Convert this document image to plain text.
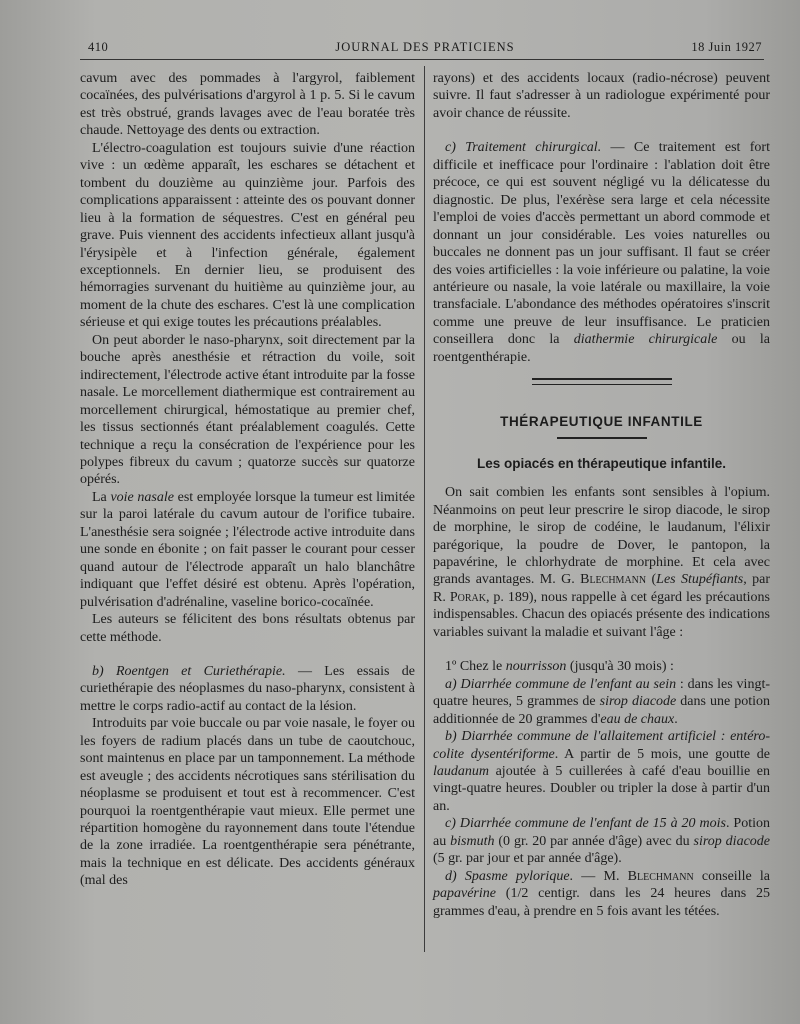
410	JOURNAL DES PRATICIENS	18 Juin 1927

cavum avec des pommades à l'argyrol, faiblement cocaïnées, des pulvérisations d'argyrol à 1 p. 5. Si le cavum est très obstrué, grands lavages avec de l'eau boratée très chaude. Nettoyage des dents ou extraction.

L'électro-coagulation est toujours suivie d'une réaction vive : un œdème apparaît, les eschares se détachent et tombent du douzième au quinzième jour. Parfois des complications apparaissent : atteinte des os pouvant donner lieu à la formation de séquestres. C'est en général peu grave. Puis viennent des accidents infectieux allant jusqu'à l'érysipèle et à l'infection générale, également exceptionnels. En dernier lieu, se produisent des hémorragies survenant du huitième au quinzième jour, au moment de la chute des eschares. C'est là une complication sérieuse et qui exige toutes les précautions préalables.

On peut aborder le naso-pharynx, soit directement par la bouche après anesthésie et rétraction du voile, soit indirectement, l'électrode active étant introduite par la fosse nasale. Le morcellement diathermique est contrairement au morcellement chirurgical, hémostatique au premier chef, les tissus sectionnés étant préalablement coagulés. Cette technique a reçu la consécration de l'expérience pour les polypes fibreux du cavum ; quatorze succès sur quatorze opérés.

La voie nasale est employée lorsque la tumeur est limitée sur la paroi latérale du cavum autour de l'orifice tubaire. L'anesthésie sera soignée ; l'électrode active introduite dans une sonde en ébonite ; on fait passer le courant pour cesser quand autour de l'électrode apparaît un halo blanchâtre indiquant que l'effet désiré est obtenu. Après l'opération, pulvérisation d'adrénaline, vaseline borico-cocaïnée.

Les auteurs se félicitent des bons résultats obtenus par cette méthode.

b) Roentgen et Curiethérapie. — Les essais de curiethérapie des néoplasmes du naso-pharynx, consistent à mettre le corps radio-actif au contact de la lésion.

Introduits par voie buccale ou par voie nasale, le foyer ou les foyers de radium placés dans un tube de caoutchouc, sont maintenus en place par un tamponnement. La méthode est aveugle ; des accidents nécrotiques sans stérilisation du néoplasme se produisent et tout est à recommencer. C'est pourquoi la roentgenthérapie vaut mieux. Elle permet une répartition homogène du rayonnement dans toute l'étendue de la zone irradiée. La roentgenthérapie sera pénétrante, mais la technique en est délicate. Des accidents généraux (mal des

rayons) et des accidents locaux (radio-nécrose) peuvent suivre. Il faut s'adresser à un radiologue expérimenté pour avoir chance de réussite.

c) Traitement chirurgical. — Ce traitement est fort difficile et inefficace pour l'ordinaire : l'ablation doit être précoce, ce qui est souvent négligé vu la délicatesse du diagnostic. De plus, l'exérèse sera large et cela nécessite l'emploi de voies d'accès permettant un abord commode et donnant un jour considérable. Les voies naturelles ou buccales ne donnent pas un jour suffisant. Il faut se créer des voies artificielles : la voie inférieure ou palatine, la voie antérieure ou nasale, la voie latérale ou maxillaire, la voie transfaciale. L'abondance des méthodes opératoires s'inscrit comme une preuve de leur insuffisance. Le praticien conseillera donc la diathermie chirurgicale ou la roentgenthérapie.

THÉRAPEUTIQUE INFANTILE
Les opiacés en thérapeutique infantile.

On sait combien les enfants sont sensibles à l'opium. Néanmoins on peut leur prescrire le sirop diacode, le sirop de morphine, le sirop de codéine, le laudanum, l'élixir parégorique, la poudre de Dover, le pantopon, la papavérine, le chlorhydrate de morphine. Et cela avec grands avantages. M. G. Blechmann (Les Stupéfiants, par R. Porak, p. 189), nous rappelle à cet égard les précautions indispensables. Chacun des opiacés présente des indications variables suivant la maladie et suivant l'âge :

1º Chez le nourrisson (jusqu'à 30 mois) :

a) Diarrhée commune de l'enfant au sein : dans les vingt-quatre heures, 5 grammes de sirop diacode dans une potion additionnée de 20 grammes d'eau de chaux.

b) Diarrhée commune de l'allaitement artificiel : entéro-colite dysentériforme. A partir de 5 mois, une goutte de laudanum ajoutée à 5 cuillerées à café d'eau bouillie en vingt-quatre heures. Doubler ou tripler la dose à partir d'un an.

c) Diarrhée commune de l'enfant de 15 à 20 mois. Potion au bismuth (0 gr. 20 par année d'âge) avec du sirop diacode (5 gr. par jour et par année d'âge).

d) Spasme pylorique. — M. Blechmann conseille la papavérine (1/2 centigr. dans les 24 heures dans 25 grammes d'eau, à prendre en 5 fois avant les tétées.
